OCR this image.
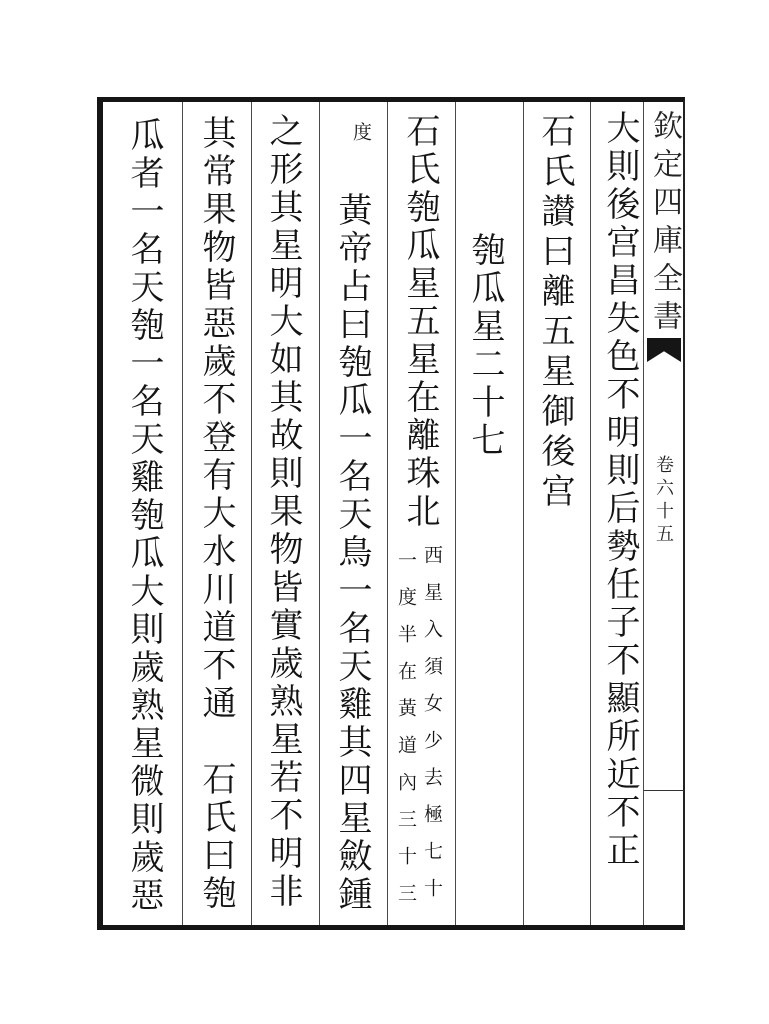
欽定四庫全書
卷六十五
大則後宫昌失色不明則后勢任子不顯所近不正
石氏讃曰離五星御後宫
匏瓜星二十七
石氏匏瓜星五星在離珠北
西星入須女少去極七十
一度半在黃道內三十三
度
黃帝占曰匏瓜一名天鳥一名天雞其四星斂鍾
之形其星明大如其故則果物皆實歲熟星若不明非
其常果物皆惡歲不登有大水川道不通　石氏曰匏
瓜者一名天匏一名天雞匏瓜大則歲熟星微則歲惡
